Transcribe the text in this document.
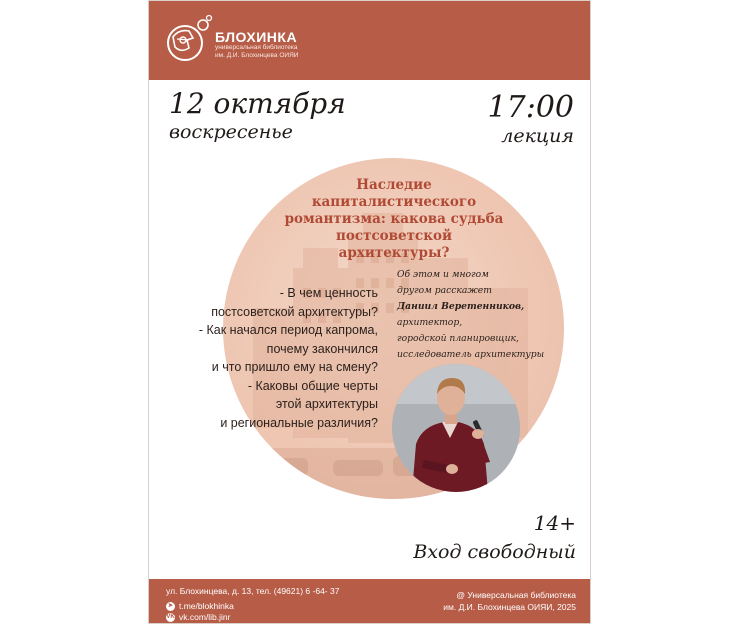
БЛОХИНКА
универсальная библиотека
им. Д.И. Блохинцева ОИЯИ
12 октября
воскресенье
17:00
лекция
Наследие
капиталистического
романтизма: какова судьба
постсоветской архитектуры?
- В чем ценность
постсоветской архитектуры?
- Как начался период капрома,
почему закончился
и что пришло ему на смену?
- Каковы общие черты
этой архитектуры
и региональные различия?
Об этом и многом
другом расскажет
Даниил Веретенников,
архитектор,
городской планировщик,
исследователь архитектуры
14+
Вход свободный
ул. Блохинцева, д. 13, тел. (49621) 6 -64- 37
➤ t.me/blokhinka
VK vk.com/lib.jinr
@ Универсальная библиотека
им. Д.И. Блохинцева ОИЯИ, 2025
